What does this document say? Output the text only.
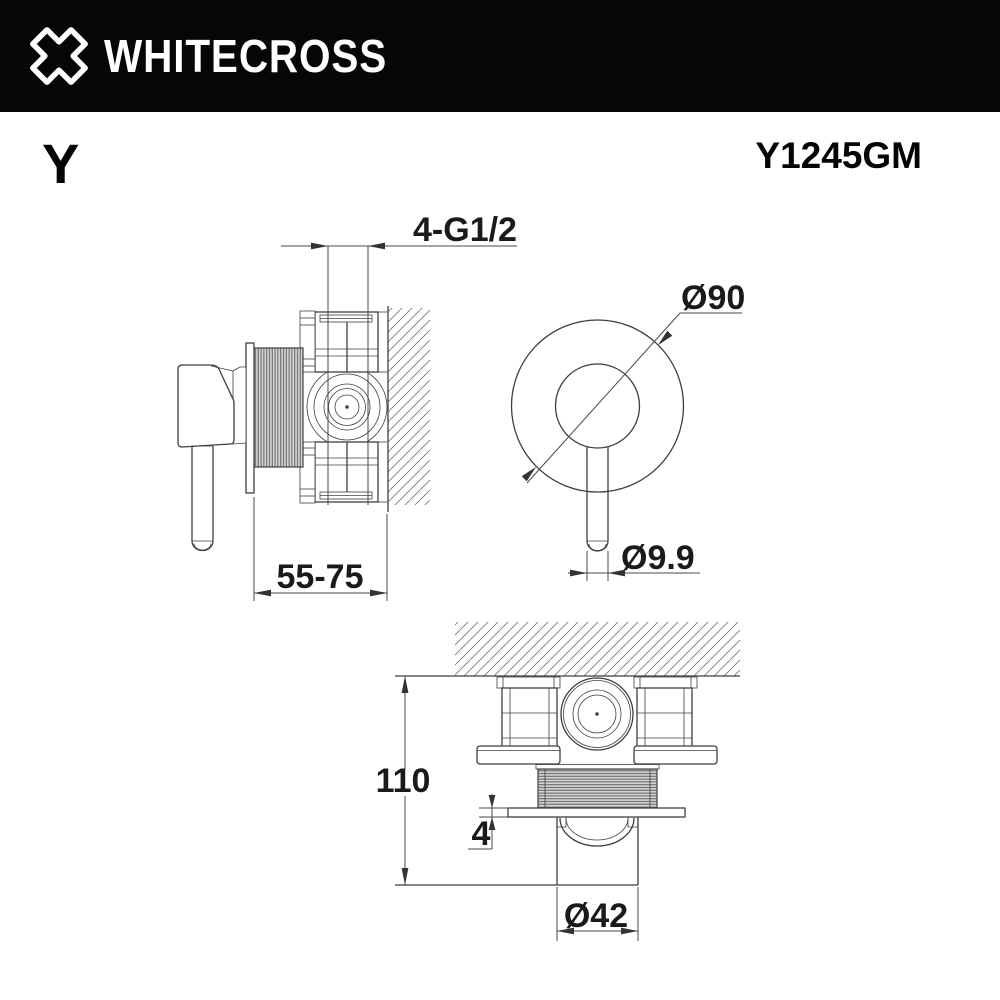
WHITECROSS
Y	Y1245GM
4-G1/2
55-75
Ø90
Ø9.9
110
4
Ø42
